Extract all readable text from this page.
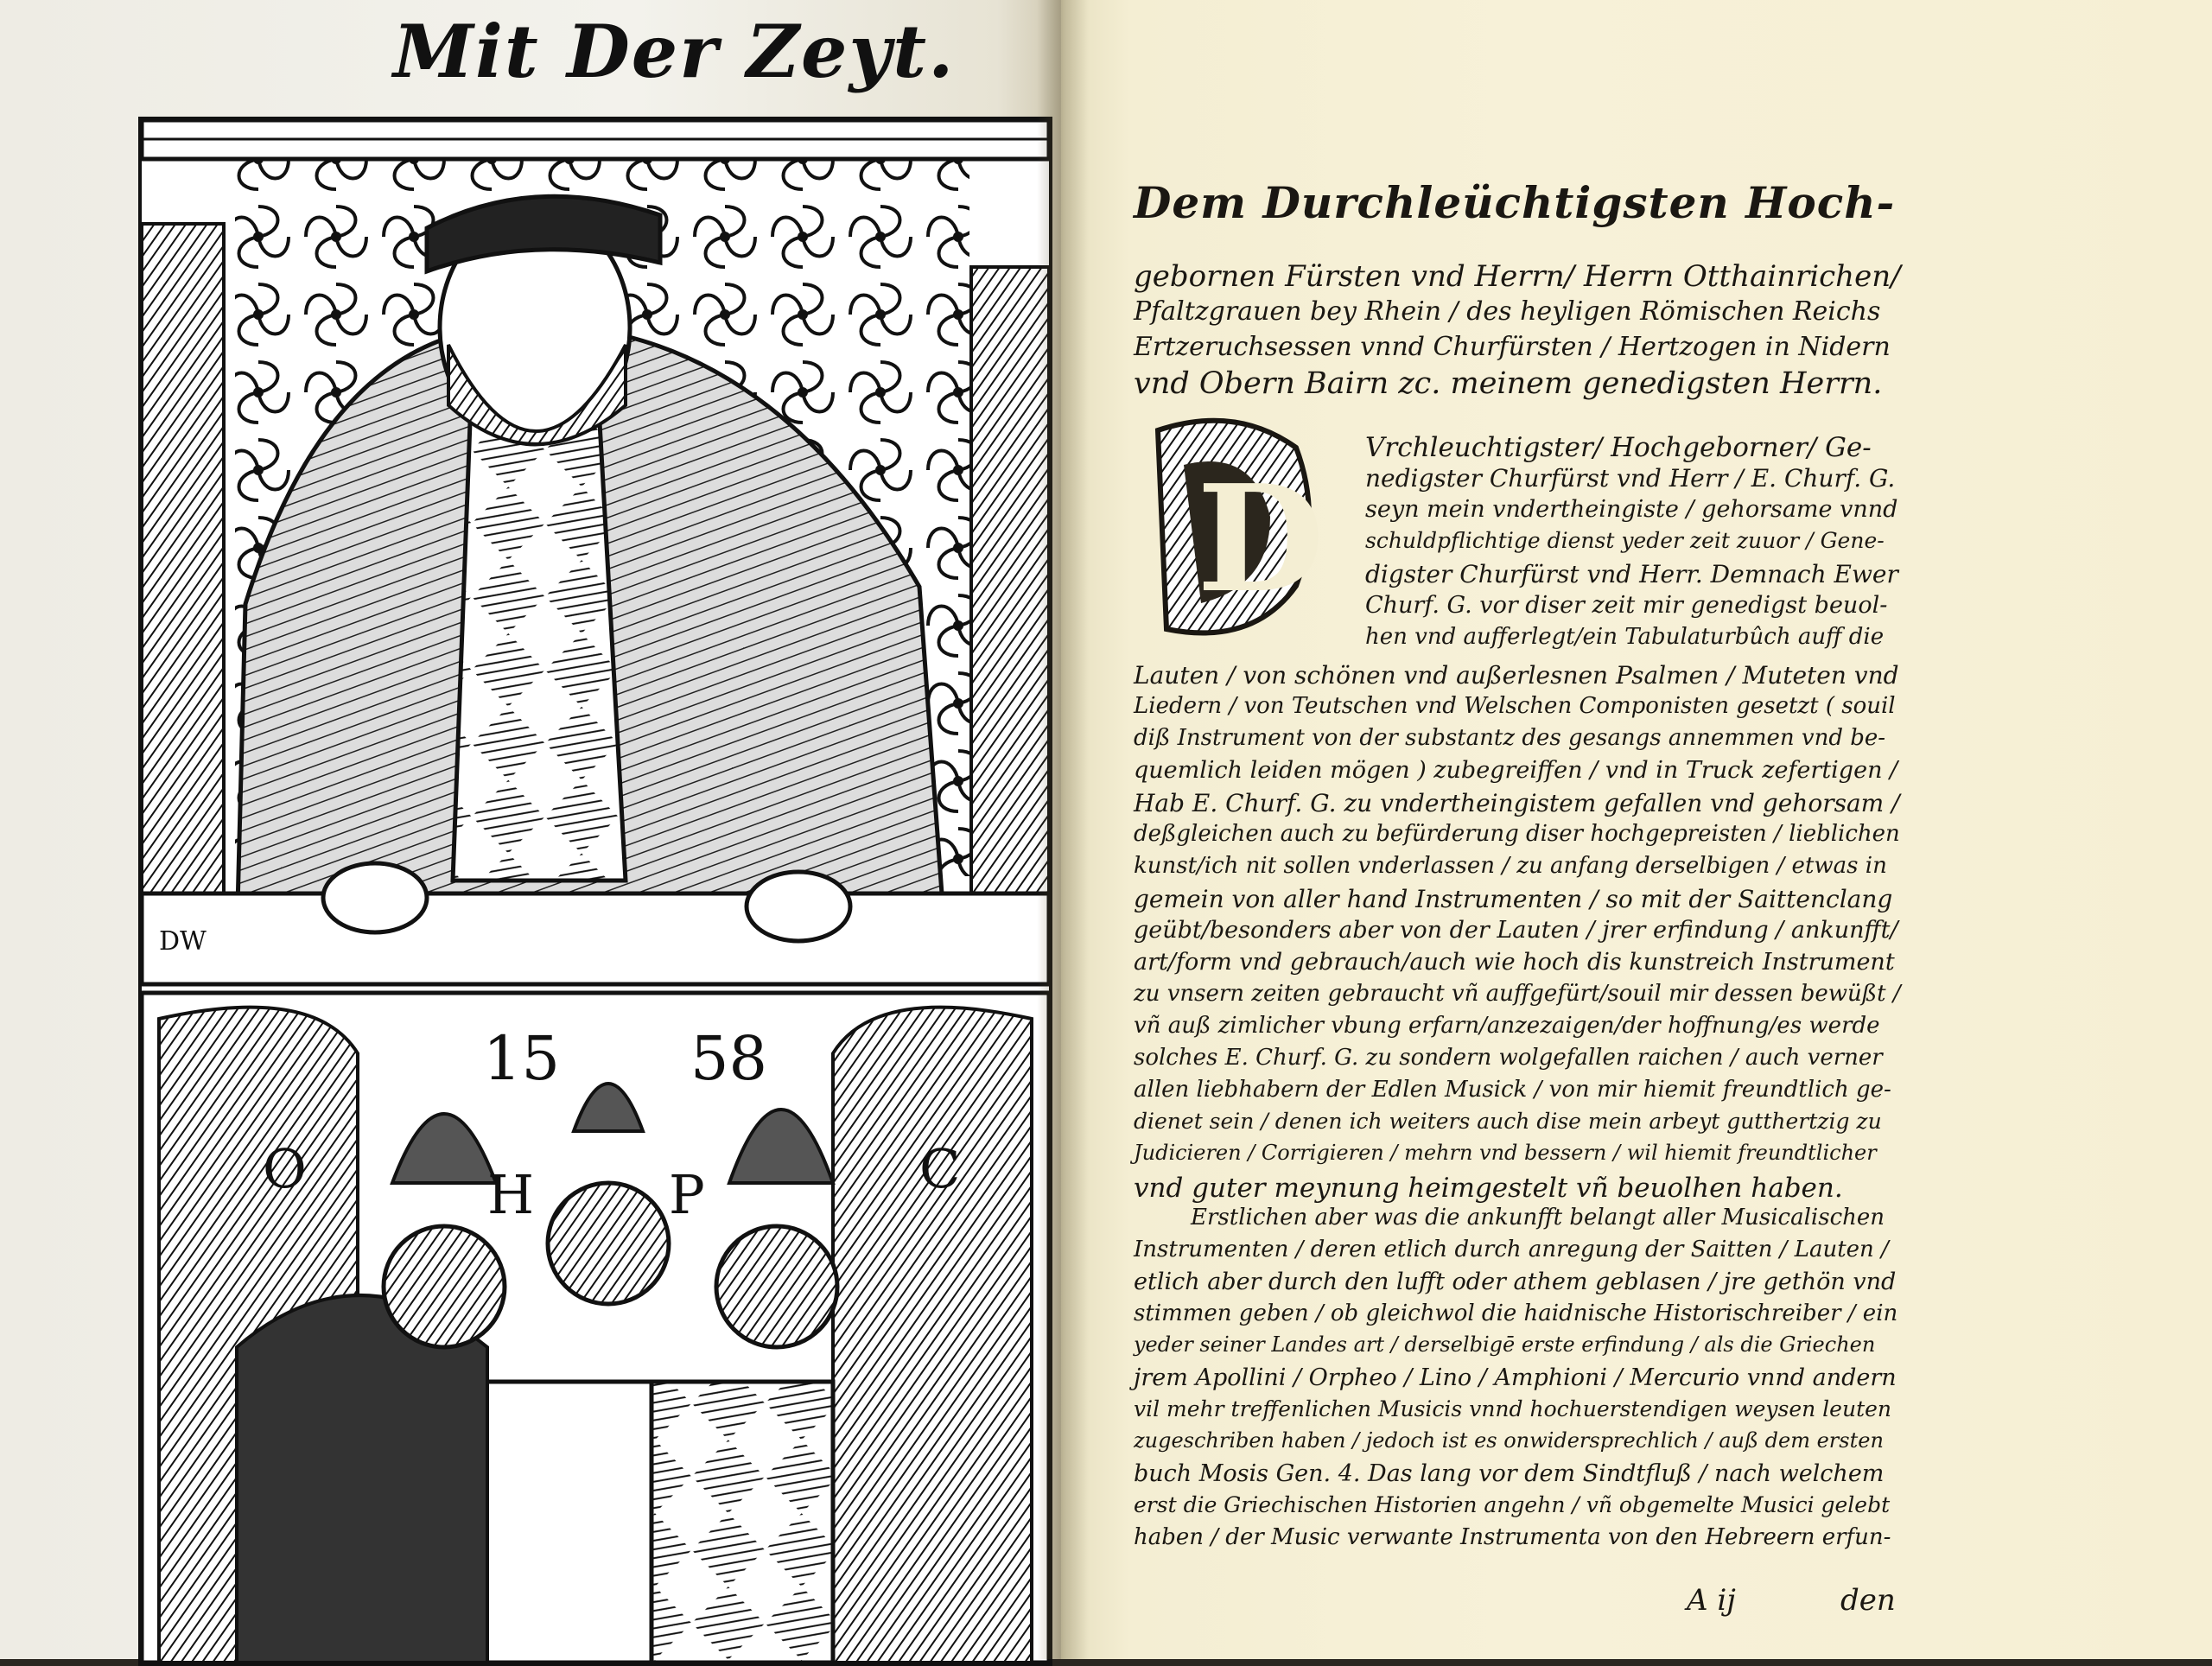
Mit Der Zeyt.
DW
15 58
O	H	P	C
Dem Durchleüchtigsten Hoch-
gebornen Fürsten vnd Herrn/ Herrn Otthainrichen/
Pfaltzgrauen bey Rhein / des heyligen Römischen Reichs
Ertzeruchsessen vnnd Churfürsten / Hertzogen in Nidern
vnd Obern Bairn zc. meinem genedigsten Herrn.
D
Vrchleuchtigster/ Hochgeborner/ Ge-
nedigster Churfürst vnd Herr / E. Churf. G.
seyn mein vndertheingiste / gehorsame vnnd
schuldpflichtige dienst yeder zeit zuuor / Gene-
digster Churfürst vnd Herr. Demnach Ewer
Churf. G. vor diser zeit mir genedigst beuol-
hen vnd aufferlegt/ein Tabulaturbûch auff die
Lauten / von schönen vnd außerlesnen Psalmen / Muteten vnd
Liedern / von Teutschen vnd Welschen Componisten gesetzt ( souil
diß Instrument von der substantz des gesangs annemmen vnd be-
quemlich leiden mögen ) zubegreiffen / vnd in Truck zefertigen /
Hab E. Churf. G. zu vndertheingistem gefallen vnd gehorsam /
deßgleichen auch zu befürderung diser hochgepreisten / lieblichen
kunst/ich nit sollen vnderlassen / zu anfang derselbigen / etwas in
gemein von aller hand Instrumenten / so mit der Saittenclang
geübt/besonders aber von der Lauten / jrer erfindung / ankunfft/
art/form vnd gebrauch/auch wie hoch dis kunstreich Instrument
zu vnsern zeiten gebraucht vñ auffgefürt/souil mir dessen bewüßt /
vñ auß zimlicher vbung erfarn/anzezaigen/der hoffnung/es werde
solches E. Churf. G. zu sondern wolgefallen raichen / auch verner
allen liebhabern der Edlen Musick / von mir hiemit freundtlich ge-
dienet sein / denen ich weiters auch dise mein arbeyt gutthertzig zu
Judicieren / Corrigieren / mehrn vnd bessern / wil hiemit freundtlicher
vnd guter meynung heimgestelt vñ beuolhen haben.
Erstlichen aber was die ankunfft belangt aller Musicalischen
Instrumenten / deren etlich durch anregung der Saitten / Lauten /
etlich aber durch den lufft oder athem geblasen / jre gethön vnd
stimmen geben / ob gleichwol die haidnische Historischreiber / ein
yeder seiner Landes art / derselbigē erste erfindung / als die Griechen
jrem Apollini / Orpheo / Lino / Amphioni / Mercurio vnnd andern
vil mehr treffenlichen Musicis vnnd hochuerstendigen weysen leuten
zugeschriben haben / jedoch ist es onwidersprechlich / auß dem ersten
buch Mosis Gen. 4. Das lang vor dem Sindtfluß / nach welchem
erst die Griechischen Historien angehn / vñ obgemelte Musici gelebt
haben / der Music verwante Instrumenta von den Hebreern erfun-
A ij	den
